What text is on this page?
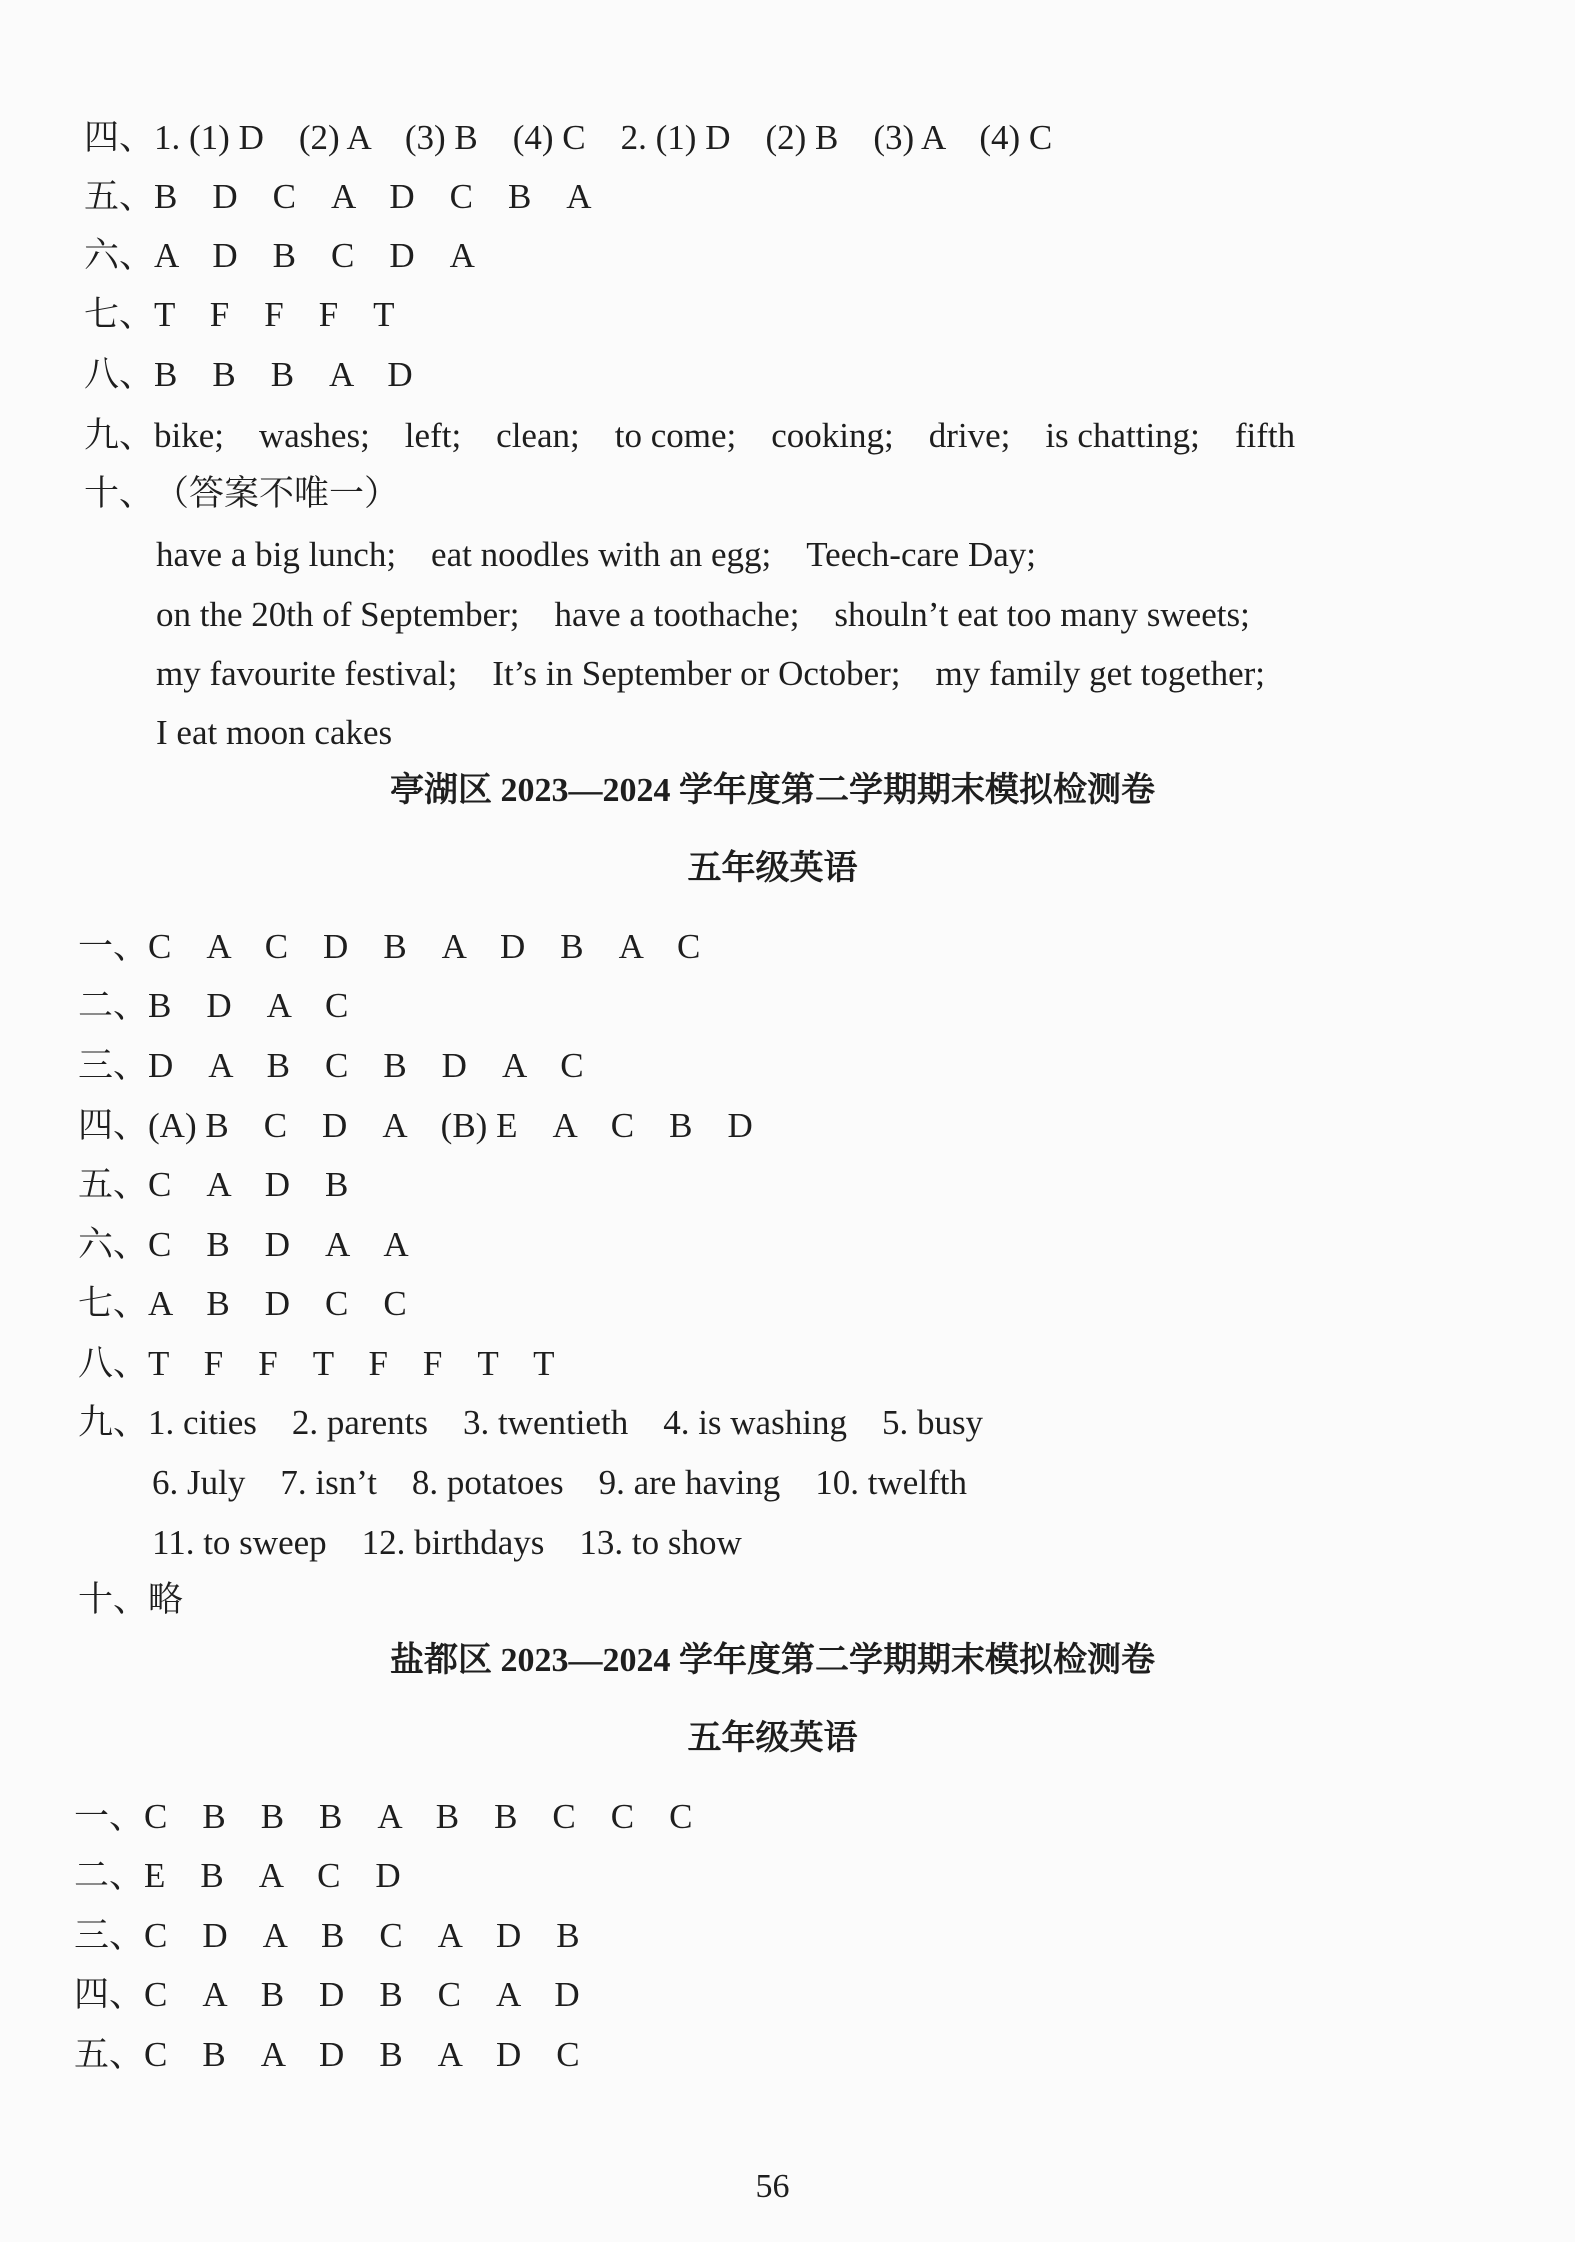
四、1. (1) D　(2) A　(3) B　(4) C　2. (1) D　(2) B　(3) A　(4) C
五、B　D　C　A　D　C　B　A
六、A　D　B　C　D　A
七、T　F　F　F　T
八、B　B　B　A　D
九、bike;　washes;　left;　clean;　to come;　cooking;　drive;　is chatting;　fifth
十、（答案不唯一）
have a big lunch;　eat noodles with an egg;　Teech-care Day;
on the 20th of September;　have a toothache;　shouln’t eat too many sweets;
my favourite festival;　It’s in September or October;　my family get together;
I eat moon cakes
亭湖区 2023—2024 学年度第二学期期末模拟检测卷
五年级英语
一、C　A　C　D　B　A　D　B　A　C
二、B　D　A　C
三、D　A　B　C　B　D　A　C
四、(A) B　C　D　A　(B) E　A　C　B　D
五、C　A　D　B
六、C　B　D　A　A
七、A　B　D　C　C
八、T　F　F　T　F　F　T　T
九、1. cities　2. parents　3. twentieth　4. is washing　5. busy
6. July　7. isn’t　8. potatoes　9. are having　10. twelfth
11. to sweep　12. birthdays　13. to show
十、略
盐都区 2023—2024 学年度第二学期期末模拟检测卷
五年级英语
一、C　B　B　B　A　B　B　C　C　C
二、E　B　A　C　D
三、C　D　A　B　C　A　D　B
四、C　A　B　D　B　C　A　D
五、C　B　A　D　B　A　D　C
56
